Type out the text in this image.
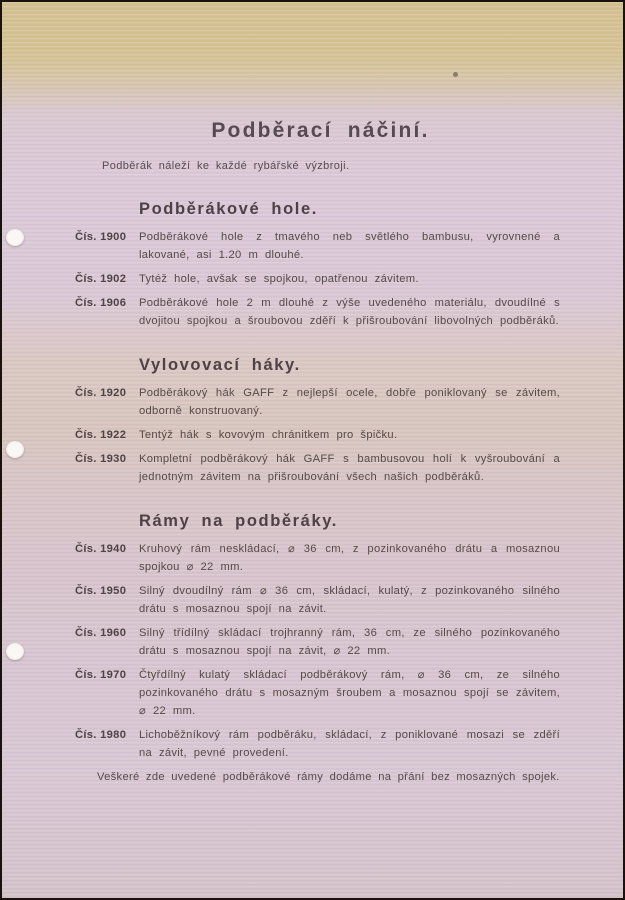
Podběrací náčiní.

Podběrák náleží ke každé rybářské výzbroji.

Podběrákové hole.
Čís. 1900	Podběrákové hole z tmavého neb světlého bambusu, vyrovnené a lakované, asi 1.20 m dlouhé.
Čís. 1902	Tytéž hole, avšak se spojkou, opatřenou závitem.
Čís. 1906	Podběrákové hole 2 m dlouhé z výše uvedeného materiálu, dvoudílné s dvojitou spojkou a šroubovou zděří k přišroubování libovolných podběráků.
Vylovovací háky.
Čís. 1920	Podběrákový hák GAFF z nejlepší ocele, dobře poniklovaný se závitem, odborně konstruovaný.
Čís. 1922	Tentýž hák s kovovým chránitkem pro špičku.
Čís. 1930	Kompletní podběrákový hák GAFF s bambusovou holí k vyšroubování a jednotným závitem na přišroubování všech našich podběráků.
Rámy na podběráky.
Čís. 1940	Kruhový rám neskládací, ⌀ 36 cm, z pozinkovaného drátu a mosaznou spojkou ⌀ 22 mm.
Čís. 1950	Silný dvoudílný rám ⌀ 36 cm, skládací, kulatý, z pozinkovaného silného drátu s mosaznou spojí na závit.
Čís. 1960	Silný třídílný skládací trojhranný rám, 36 cm, ze silného pozinkovaného drátu s mosaznou spojí na závit, ⌀ 22 mm.
Čís. 1970	Čtyřdílný kulatý skládací podběrákový rám, ⌀ 36 cm, ze silného pozinkovaného drátu s mosazným šroubem a mosaznou spojí se závitem, ⌀ 22 mm.
Čís. 1980	Lichoběžníkový rám podběráku, skládací, z poniklované mosazi se zděří na závit, pevné provedení.

Veškeré zde uvedené podběrákové rámy dodáme na přání bez mosazných spojek.
